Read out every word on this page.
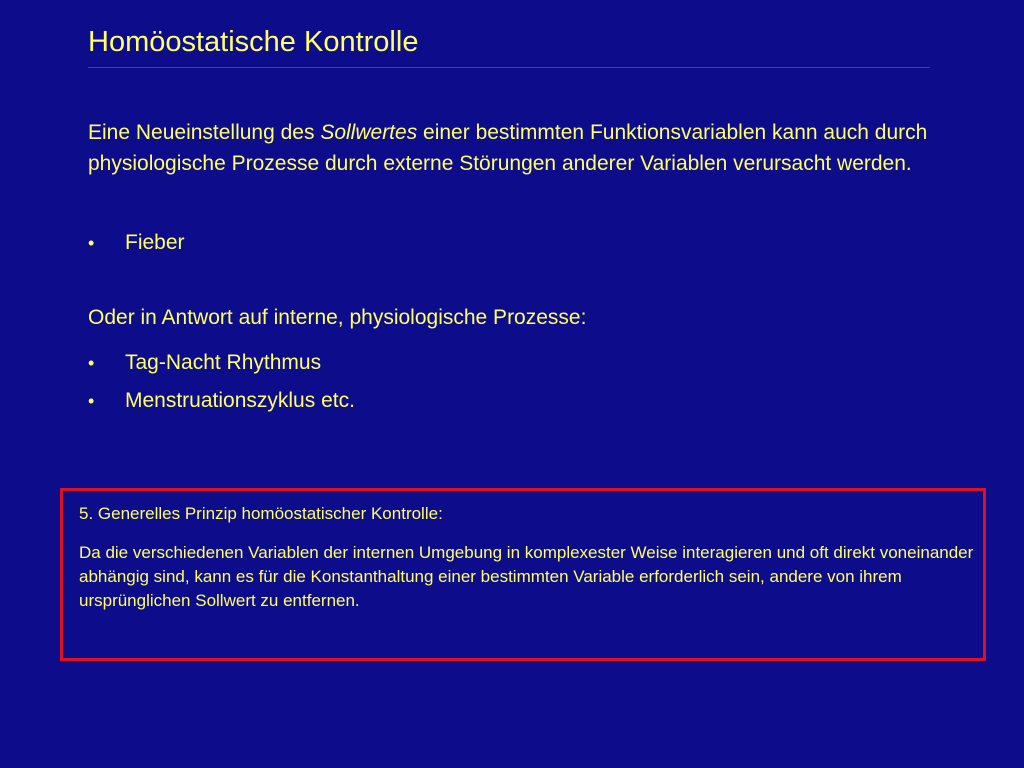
Homöostatische Kontrolle
Eine Neueinstellung des Sollwertes einer bestimmten Funktionsvariablen kann auch durch physiologische Prozesse durch externe Störungen anderer Variablen verursacht werden.
• Fieber
Oder in Antwort auf interne, physiologische Prozesse:
• Tag-Nacht Rhythmus
• Menstruationszyklus etc.
5. Generelles Prinzip homöostatischer Kontrolle:
Da die verschiedenen Variablen der internen Umgebung in komplexester Weise interagieren und oft direkt voneinander abhängig sind, kann es für die Konstanthaltung einer bestimmten Variable erforderlich sein, andere von ihrem ursprünglichen Sollwert zu entfernen.
